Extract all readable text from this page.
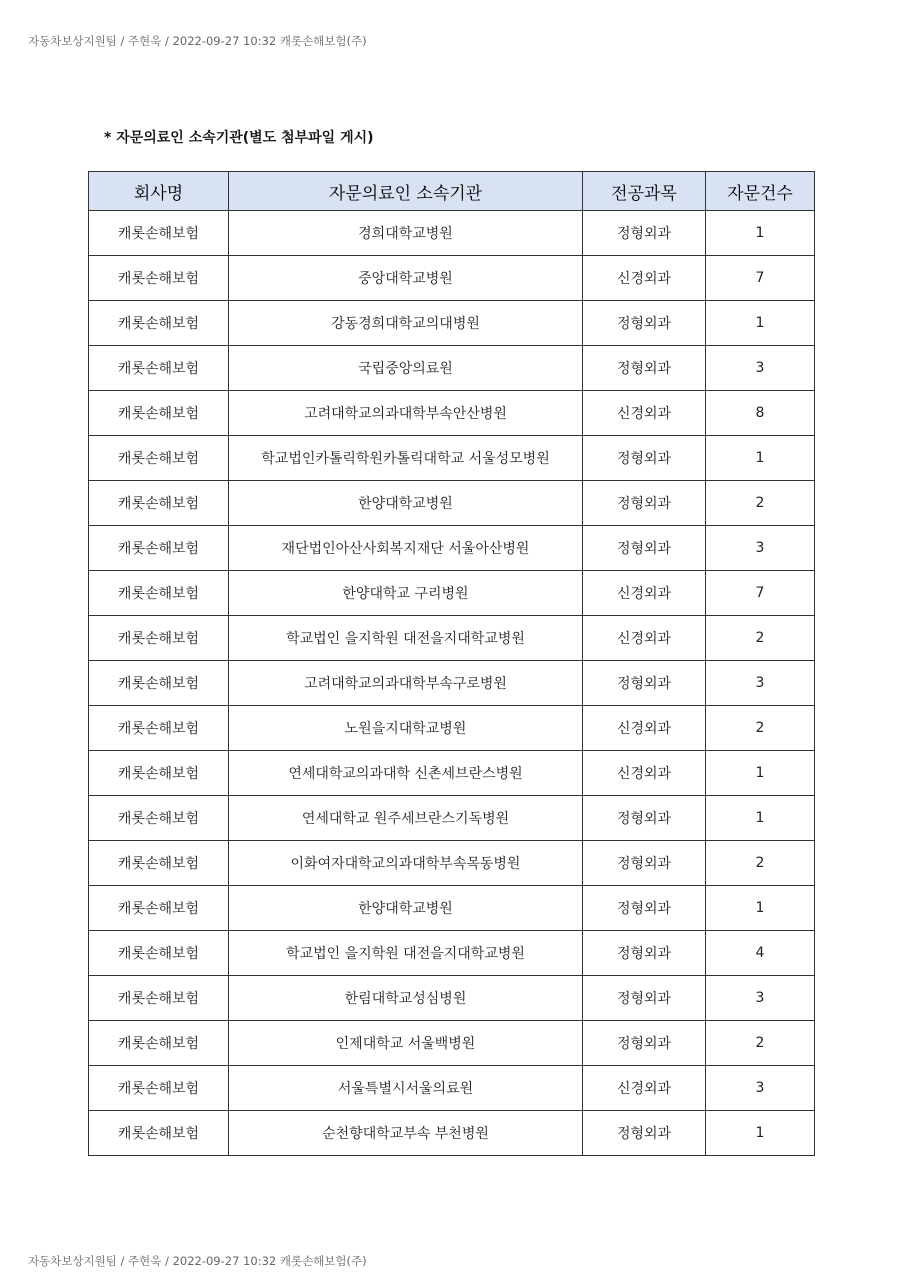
자동차보상지원팀 / 주현욱 / 2022-09-27 10:32 캐롯손해보험(주)
* 자문의료인 소속기관(별도 첨부파일 게시)
회사명	자문의료인 소속기관	전공과목	자문건수
캐롯손해보험	경희대학교병원	정형외과	1
캐롯손해보험	중앙대학교병원	신경외과	7
캐롯손해보험	강동경희대학교의대병원	정형외과	1
캐롯손해보험	국립중앙의료원	정형외과	3
캐롯손해보험	고려대학교의과대학부속안산병원	신경외과	8
캐롯손해보험	학교법인카톨릭학원카톨릭대학교 서울성모병원	정형외과	1
캐롯손해보험	한양대학교병원	정형외과	2
캐롯손해보험	재단법인아산사회복지재단 서울아산병원	정형외과	3
캐롯손해보험	한양대학교 구리병원	신경외과	7
캐롯손해보험	학교법인 을지학원 대전을지대학교병원	신경외과	2
캐롯손해보험	고려대학교의과대학부속구로병원	정형외과	3
캐롯손해보험	노원을지대학교병원	신경외과	2
캐롯손해보험	연세대학교의과대학 신촌세브란스병원	신경외과	1
캐롯손해보험	연세대학교 원주세브란스기독병원	정형외과	1
캐롯손해보험	이화여자대학교의과대학부속목동병원	정형외과	2
캐롯손해보험	한양대학교병원	정형외과	1
캐롯손해보험	학교법인 을지학원 대전을지대학교병원	정형외과	4
캐롯손해보험	한림대학교성심병원	정형외과	3
캐롯손해보험	인제대학교 서울백병원	정형외과	2
캐롯손해보험	서울특별시서울의료원	신경외과	3
캐롯손해보험	순천향대학교부속 부천병원	정형외과	1
자동차보상지원팀 / 주현욱 / 2022-09-27 10:32 캐롯손해보험(주)
